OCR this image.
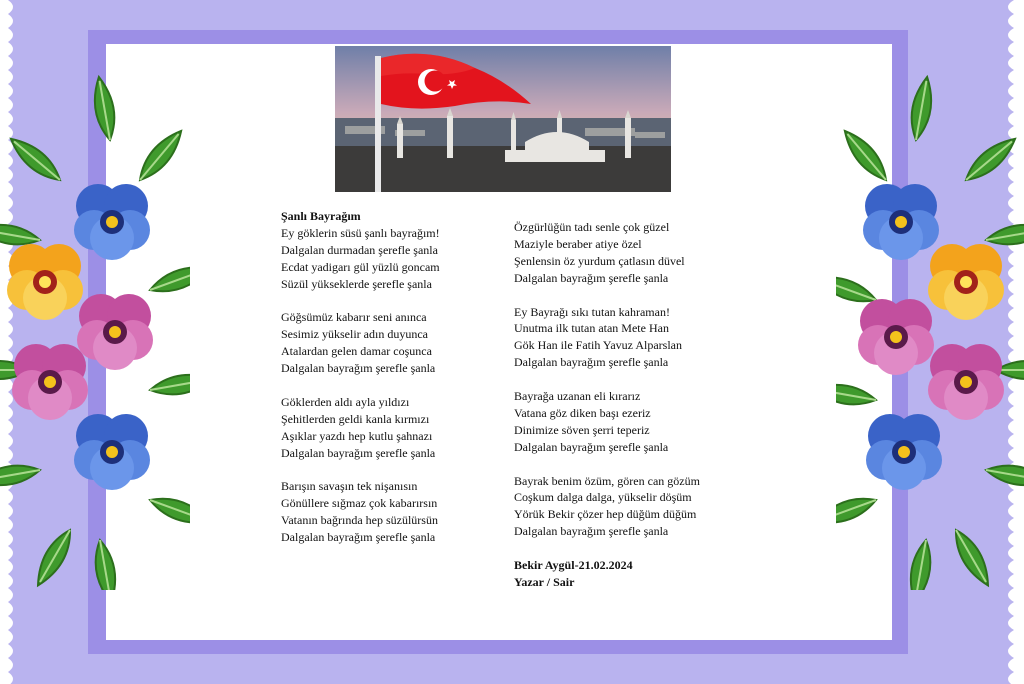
Şanlı Bayrağım

Ey göklerin süsü şanlı bayrağım!
Dalgalan durmadan şerefle şanla
Ecdat yadigarı gül yüzlü goncam
Süzül yükseklerde şerefle şanla

Göğsümüz kabarır seni anınca
Sesimiz yükselir adın duyunca
Atalardan gelen damar coşunca
Dalgalan bayrağım şerefle şanla

Göklerden aldı ayla yıldızı
Şehitlerden geldi kanla kırmızı
Aşıklar yazdı hep kutlu şahnazı
Dalgalan bayrağım şerefle şanla

Barışın savaşın tek nişanısın
Gönüllere sığmaz çok kabarırsın
Vatanın bağrında hep süzülürsün
Dalgalan bayrağım şerefle şanla

Özgürlüğün tadı senle çok güzel
Maziyle beraber atiye özel
Şenlensin öz yurdum çatlasın düvel
Dalgalan bayrağım şerefle şanla

Ey Bayrağı sıkı tutan kahraman!
Unutma ilk tutan atan Mete Han
Gök Han ile Fatih Yavuz Alparslan
Dalgalan bayrağım şerefle şanla

Bayrağa uzanan eli kırarız
Vatana göz diken başı ezeriz
Dinimize söven şerri teperiz
Dalgalan bayrağım şerefle şanla

Bayrak benim özüm, gören can gözüm
Coşkum dalga dalga, yükselir döşüm
Yörük Bekir çözer hep düğüm düğüm
Dalgalan bayrağım şerefle şanla

Bekir Aygül-21.02.2024
Yazar / Sair
